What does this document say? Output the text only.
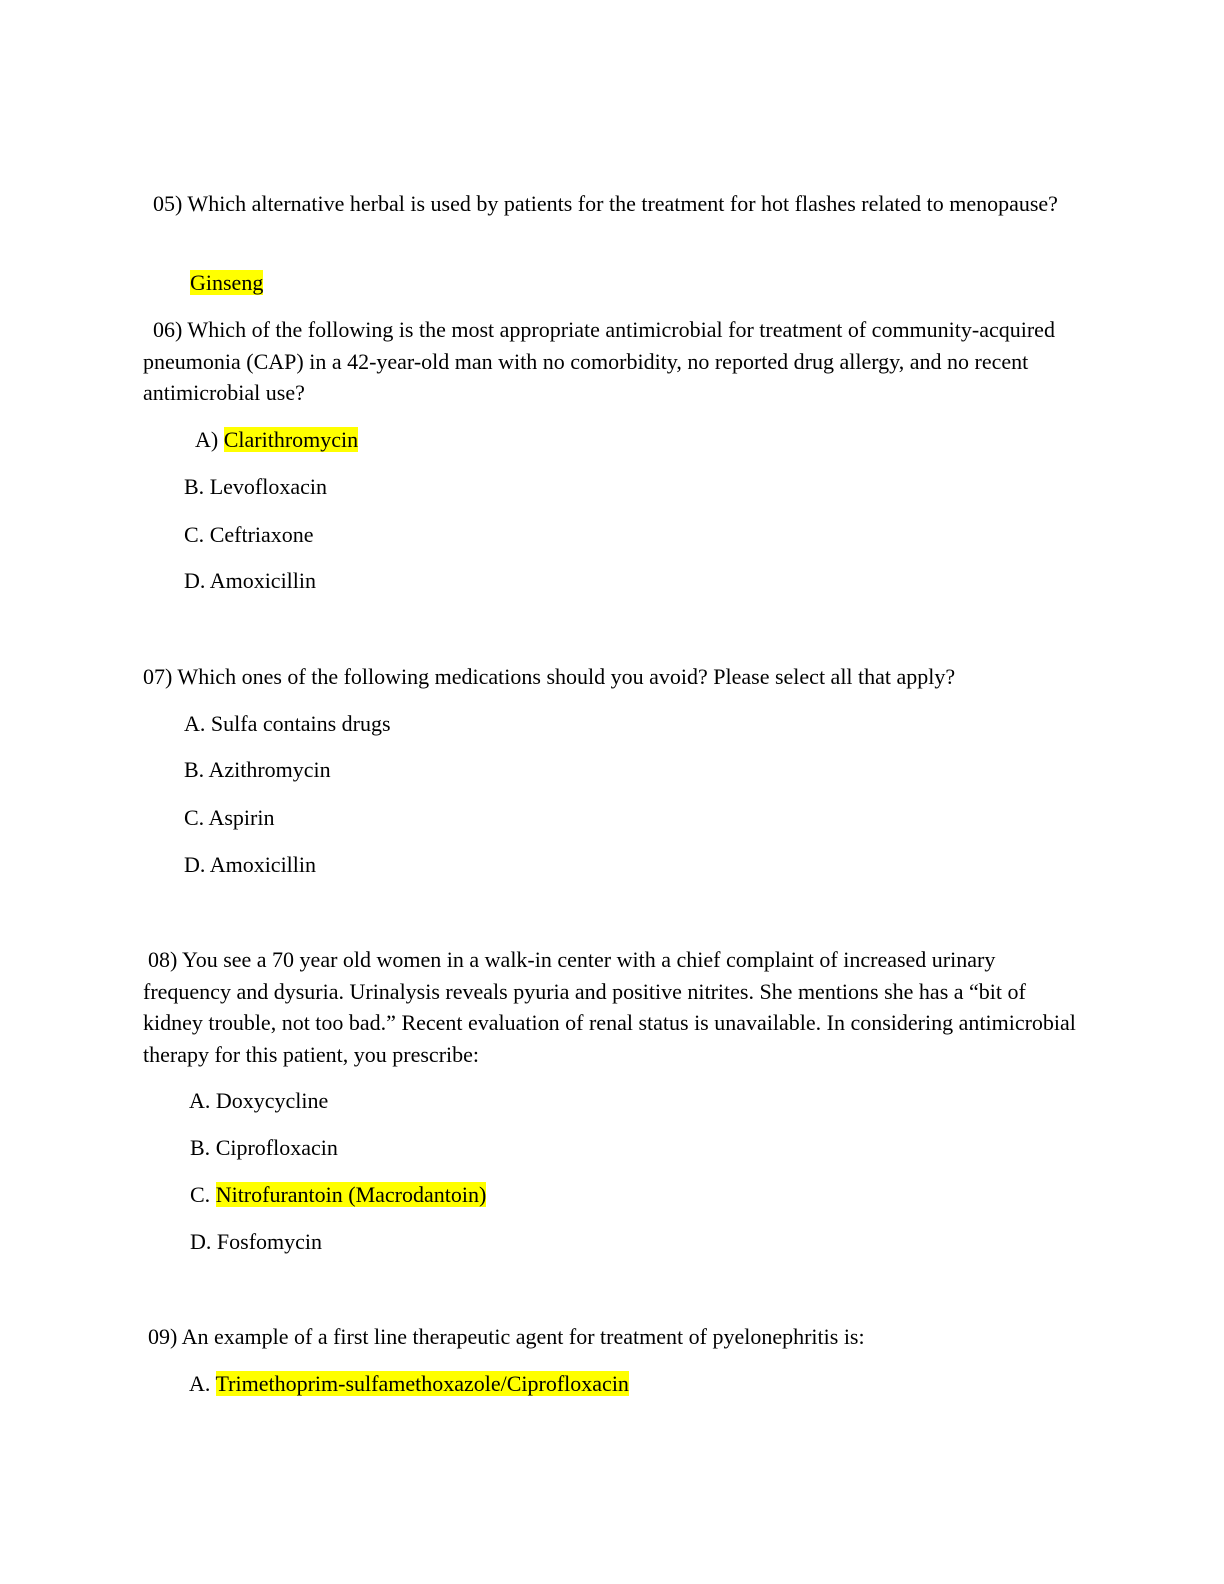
05) Which alternative herbal is used by patients for the treatment for hot flashes related to menopause?

Ginseng

06) Which of the following is the most appropriate antimicrobial for treatment of community-acquired pneumonia (CAP) in a 42-year-old man with no comorbidity, no reported drug allergy, and no recent antimicrobial use?

A) Clarithromycin

B. Levofloxacin

C. Ceftriaxone

D. Amoxicillin

07) Which ones of the following medications should you avoid? Please select all that apply?

A. Sulfa contains drugs

B. Azithromycin

C. Aspirin

D. Amoxicillin

08) You see a 70 year old women in a walk-in center with a chief complaint of increased urinary frequency and dysuria. Urinalysis reveals pyuria and positive nitrites. She mentions she has a “bit of kidney trouble, not too bad.” Recent evaluation of renal status is unavailable. In considering antimicrobial therapy for this patient, you prescribe:

A. Doxycycline

B. Ciprofloxacin

C. Nitrofurantoin (Macrodantoin)

D. Fosfomycin

09) An example of a first line therapeutic agent for treatment of pyelonephritis is:

A. Trimethoprim-sulfamethoxazole/Ciprofloxacin
